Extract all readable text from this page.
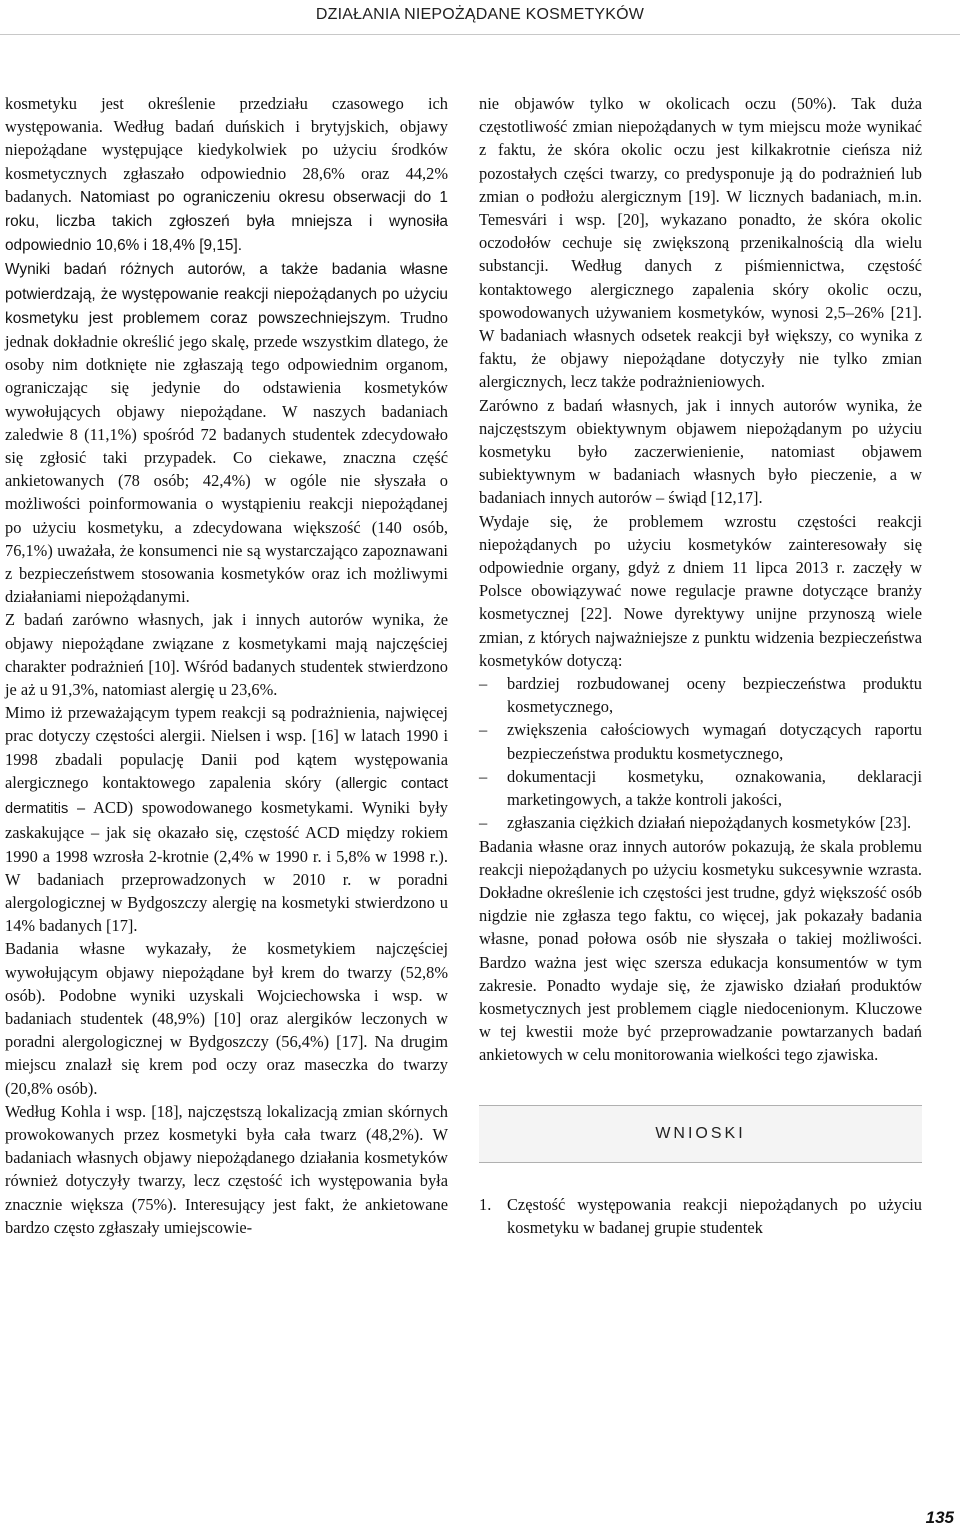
DZIAŁANIA NIEPOŻĄDANE KOSMETYKÓW

kosmetyku jest określenie przedziału czasowego ich występowania. Według badań duńskich i brytyjskich, objawy niepożądane występujące kiedykolwiek po użyciu środków kosmetycznych zgłaszało odpowiednio 28,6% oraz 44,2% badanych. Natomiast po ograniczeniu okresu obserwacji do 1 roku, liczba takich zgłoszeń była mniejsza i wynosiła odpowiednio 10,6% i 18,4% [9,15].

Wyniki badań różnych autorów, a także badania własne potwierdzają, że występowanie reakcji niepożądanych po użyciu kosmetyku jest problemem coraz powszechniejszym. Trudno jednak dokładnie określić jego skalę, przede wszystkim dlatego, że osoby nim dotknięte nie zgłaszają tego odpowiednim organom, ograniczając się jedynie do odstawienia kosmetyków wywołujących objawy niepożądane. W naszych badaniach zaledwie 8 (11,1%) spośród 72 badanych studentek zdecydowało się zgłosić taki przypadek. Co ciekawe, znaczna część ankietowanych (78 osób; 42,4%) w ogóle nie słyszała o możliwości poinformowania o wystąpieniu reakcji niepożądanej po użyciu kosmetyku, a zdecydowana większość (140 osób, 76,1%) uważała, że konsumenci nie są wystarczająco zapoznawani z bezpieczeństwem stosowania kosmetyków oraz ich możliwymi działaniami niepożądanymi.

Z badań zarówno własnych, jak i innych autorów wynika, że objawy niepożądane związane z kosmetykami mają najczęściej charakter podrażnień [10]. Wśród badanych studentek stwierdzono je aż u 91,3%, natomiast alergię u 23,6%.

Mimo iż przeważającym typem reakcji są podrażnienia, najwięcej prac dotyczy częstości alergii. Nielsen i wsp. [16] w latach 1990 i 1998 zbadali populację Danii pod kątem występowania alergicznego kontaktowego zapalenia skóry (allergic contact dermatitis – ACD) spowodowanego kosmetykami. Wyniki były zaskakujące – jak się okazało się, częstość ACD między rokiem 1990 a 1998 wzrosła 2-krotnie (2,4% w 1990 r. i 5,8% w 1998 r.). W badaniach przeprowadzonych w 2010 r. w poradni alergologicznej w Bydgoszczy alergię na kosmetyki stwierdzono u 14% badanych [17].

Badania własne wykazały, że kosmetykiem najczęściej wywołującym objawy niepożądane był krem do twarzy (52,8% osób). Podobne wyniki uzyskali Wojciechowska i wsp. w badaniach studentek (48,9%) [10] oraz alergików leczonych w poradni alergologicznej w Bydgoszczy (56,4%) [17]. Na drugim miejscu znalazł się krem pod oczy oraz maseczka do twarzy (20,8% osób).

Według Kohla i wsp. [18], najczęstszą lokalizacją zmian skórnych prowokowanych przez kosmetyki była cała twarz (48,2%). W badaniach własnych objawy niepożądanego działania kosmetyków również dotyczyły twarzy, lecz częstość ich występowania była znacznie większa (75%). Interesujący jest fakt, że ankietowane bardzo często zgłaszały umiejscowie-

nie objawów tylko w okolicach oczu (50%). Tak duża częstotliwość zmian niepożądanych w tym miejscu może wynikać z faktu, że skóra okolic oczu jest kilkakrotnie cieńsza niż pozostałych części twarzy, co predysponuje ją do podrażnień lub zmian o podłożu alergicznym [19]. W licznych badaniach, m.in. Temesvári i wsp. [20], wykazano ponadto, że skóra okolic oczodołów cechuje się zwiększoną przenikalnością dla wielu substancji. Według danych z piśmiennictwa, częstość kontaktowego alergicznego zapalenia skóry okolic oczu, spowodowanych używaniem kosmetyków, wynosi 2,5–26% [21]. W badaniach własnych odsetek reakcji był większy, co wynika z faktu, że objawy niepożądane dotyczyły nie tylko zmian alergicznych, lecz także podrażnieniowych.

Zarówno z badań własnych, jak i innych autorów wynika, że najczęstszym obiektywnym objawem niepożądanym po użyciu kosmetyku było zaczerwienienie, natomiast objawem subiektywnym w badaniach własnych było pieczenie, a w badaniach innych autorów – świąd [12,17].

Wydaje się, że problemem wzrostu częstości reakcji niepożądanych po użyciu kosmetyków zainteresowały się odpowiednie organy, gdyż z dniem 11 lipca 2013 r. zaczęły w Polsce obowiązywać nowe regulacje prawne dotyczące branży kosmetycznej [22]. Nowe dyrektywy unijne przynoszą wiele zmian, z których najważniejsze z punktu widzenia bezpieczeństwa kosmetyków dotyczą:

– bardziej rozbudowanej oceny bezpieczeństwa produktu kosmetycznego,
– zwiększenia całościowych wymagań dotyczących raportu bezpieczeństwa produktu kosmetycznego,
– dokumentacji kosmetyku, oznakowania, deklaracji marketingowych, a także kontroli jakości,
– zgłaszania ciężkich działań niepożądanych kosmetyków [23].

Badania własne oraz innych autorów pokazują, że skala problemu reakcji niepożądanych po użyciu kosmetyku sukcesywnie wzrasta. Dokładne określenie ich częstości jest trudne, gdyż większość osób nigdzie nie zgłasza tego faktu, co więcej, jak pokazały badania własne, ponad połowa osób nie słyszała o takiej możliwości. Bardzo ważna jest więc szersza edukacja konsumentów w tym zakresie. Ponadto wydaje się, że zjawisko działań produktów kosmetycznych jest problemem ciągle niedocenionym. Kluczowe w tej kwestii może być przeprowadzanie powtarzanych badań ankietowych w celu monitorowania wielkości tego zjawiska.

WNIOSKI
1. Częstość występowania reakcji niepożądanych po użyciu kosmetyku w badanej grupie studentek
135
